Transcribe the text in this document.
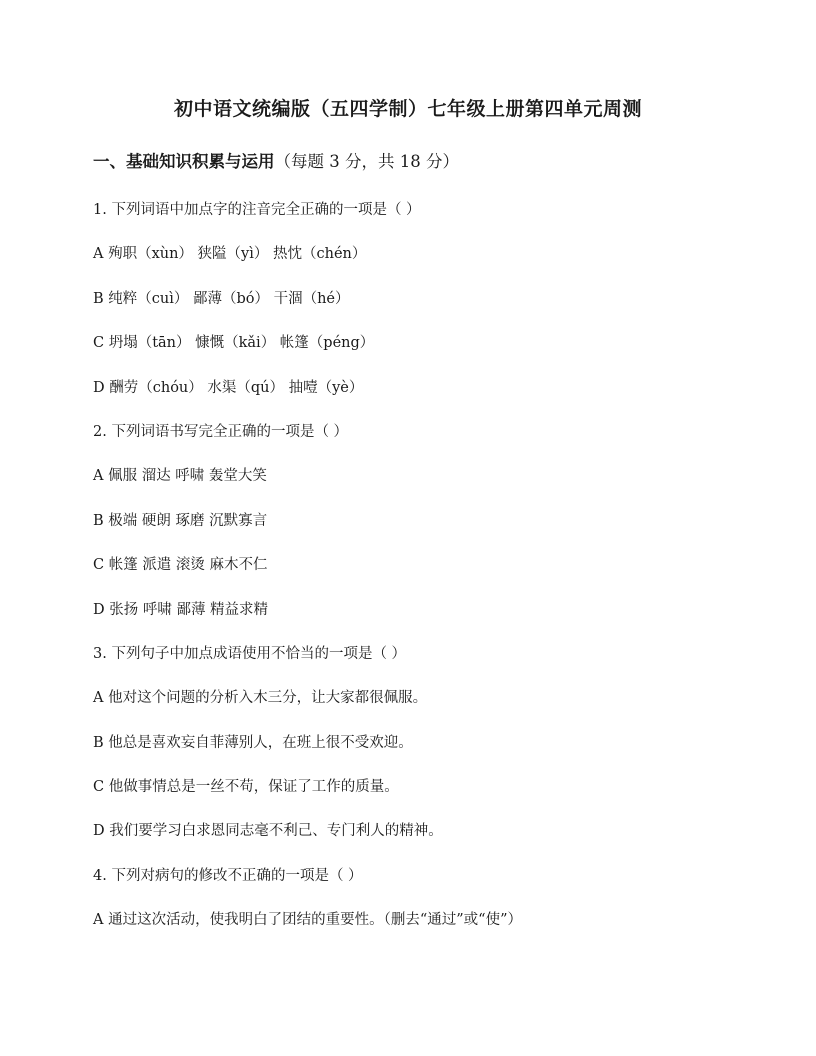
初中语文统编版（五四学制）七年级上册第四单元周测
一、基础知识积累与运用（每题 3 分，共 18 分）
1. 下列词语中加点字的注音完全正确的一项是（ ）
A 殉职（xùn） 狭隘（yì） 热忱（chén）
B 纯粹（cuì） 鄙薄（bó） 干涸（hé）
C 坍塌（tān） 慷慨（kǎi） 帐篷（péng）
D 酬劳（chóu） 水渠（qú） 抽噎（yè）
2. 下列词语书写完全正确的一项是（ ）
A 佩服 溜达 呼啸 轰堂大笑
B 极端 硬朗 琢磨 沉默寡言
C 帐篷 派遣 滚烫 麻木不仁
D 张扬 呼啸 鄙薄 精益求精
3. 下列句子中加点成语使用不恰当的一项是（ ）
A 他对这个问题的分析入木三分，让大家都很佩服。
B 他总是喜欢妄自菲薄别人，在班上很不受欢迎。
C 他做事情总是一丝不苟，保证了工作的质量。
D 我们要学习白求恩同志毫不利己、专门利人的精神。
4. 下列对病句的修改不正确的一项是（ ）
A 通过这次活动，使我明白了团结的重要性。（删去“通过”或“使”）
